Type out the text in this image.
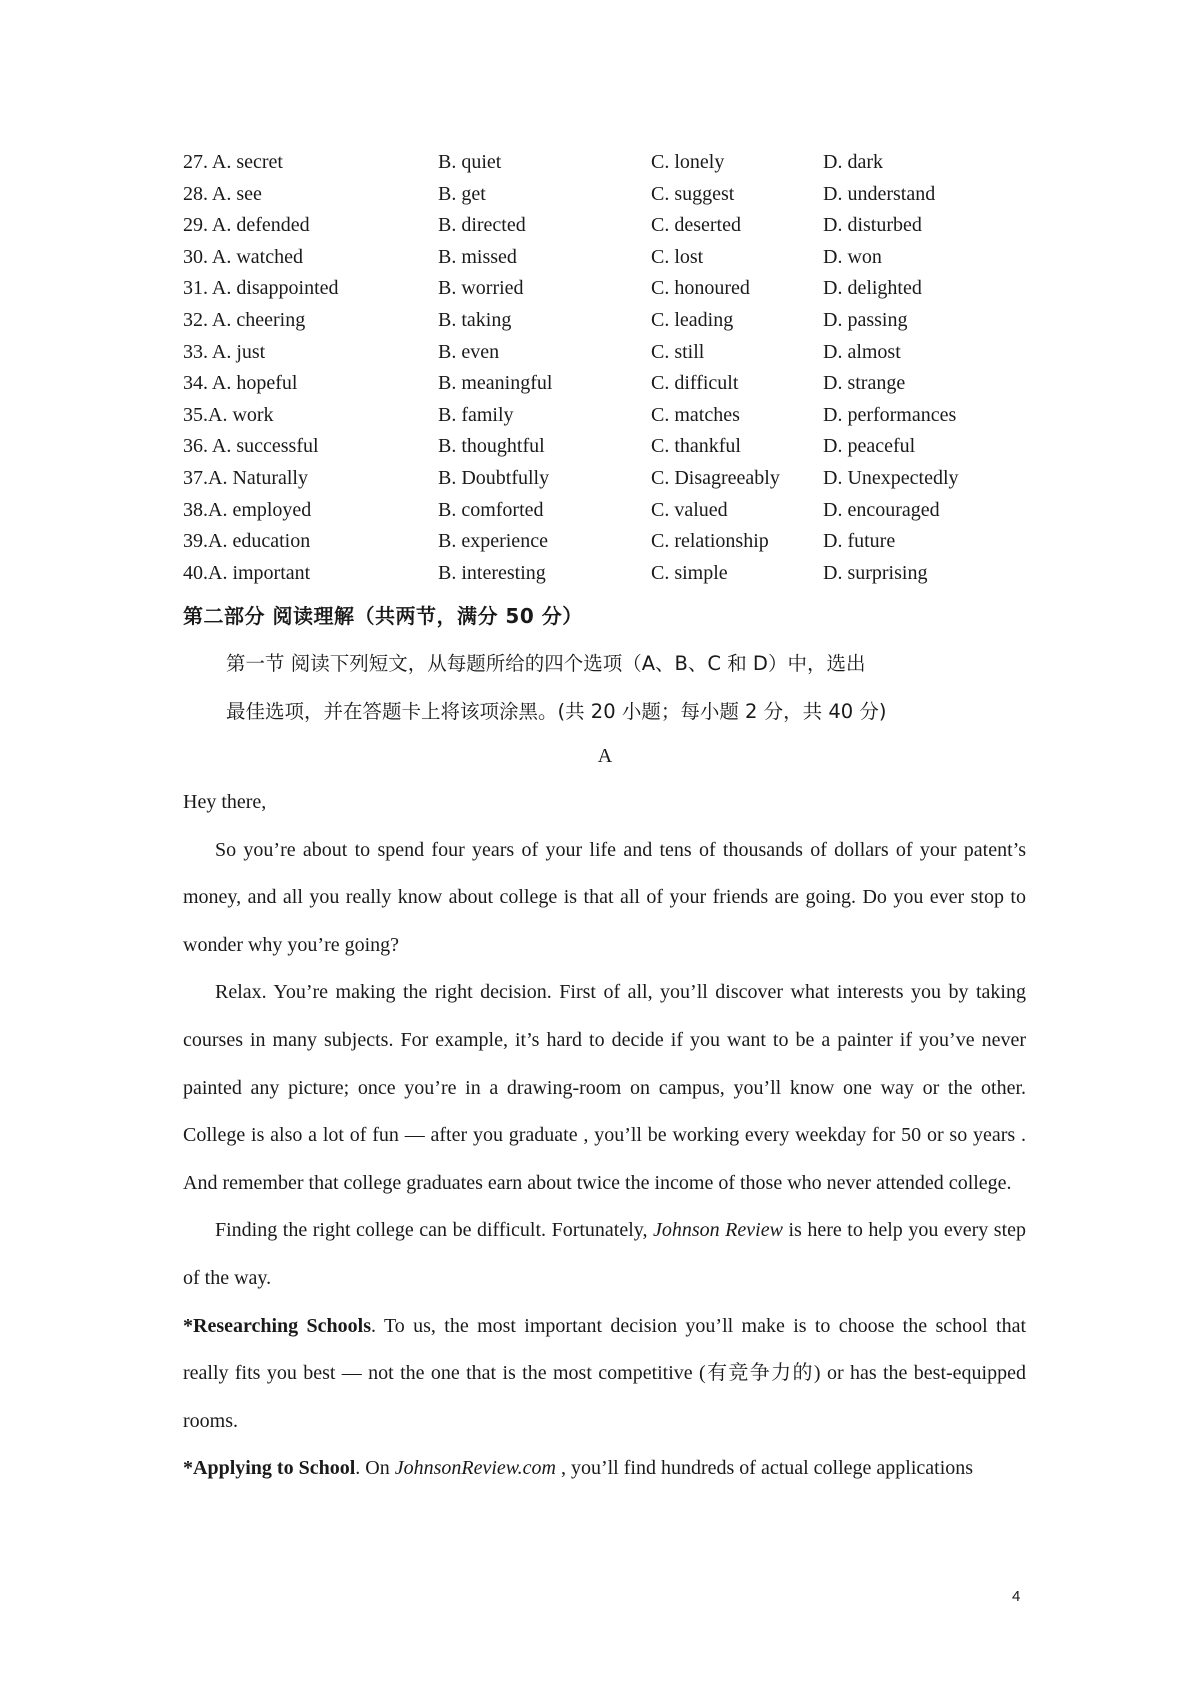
27. A. secret	B. quiet	C. lonely	D. dark
28. A. see	B. get	C. suggest	D. understand
29. A. defended	B. directed	C. deserted	D. disturbed
30. A. watched	B. missed	C. lost	D. won
31. A. disappointed	B. worried	C. honoured	D. delighted
32. A. cheering	B. taking	C. leading	D. passing
33. A. just	B. even	C. still	D. almost
34. A. hopeful	B. meaningful	C. difficult	D. strange
35.A. work	B. family	C. matches	D. performances
36. A. successful	B. thoughtful	C. thankful	D. peaceful
37.A. Naturally	B. Doubtfully	C. Disagreeably D. Unexpectedly
38.A. employed	B. comforted	C. valued	D. encouraged
39.A. education	B. experience	C. relationship	D. future
40.A. important	B. interesting	C. simple	D. surprising
第二部分 阅读理解（共两节，满分 50 分）
第一节 阅读下列短文，从每题所给的四个选项（A、B、C 和 D）中，选出
最佳选项，并在答题卡上将该项涂黑。(共 20 小题；每小题 2 分，共 40 分)
A

Hey there,

So you’re about to spend four years of your life and tens of thousands of dollars of your patent’s money, and all you really know about college is that all of your friends are going. Do you ever stop to wonder why you’re going?

Relax. You’re making the right decision. First of all, you’ll discover what interests you by taking courses in many subjects. For example, it’s hard to decide if you want to be a painter if you’ve never painted any picture; once you’re in a drawing-room on campus, you’ll know one way or the other. College is also a lot of fun — after you graduate , you’ll be working every weekday for 50 or so years . And remember that college graduates earn about twice the income of those who never attended college.

Finding the right college can be difficult. Fortunately, Johnson Review is here to help you every step of the way.

*Researching Schools. To us, the most important decision you’ll make is to choose the school that really fits you best — not the one that is the most competitive (有竞争力的) or has the best-equipped rooms.

*Applying to School. On JohnsonReview.com , you’ll find hundreds of actual college applications

4
